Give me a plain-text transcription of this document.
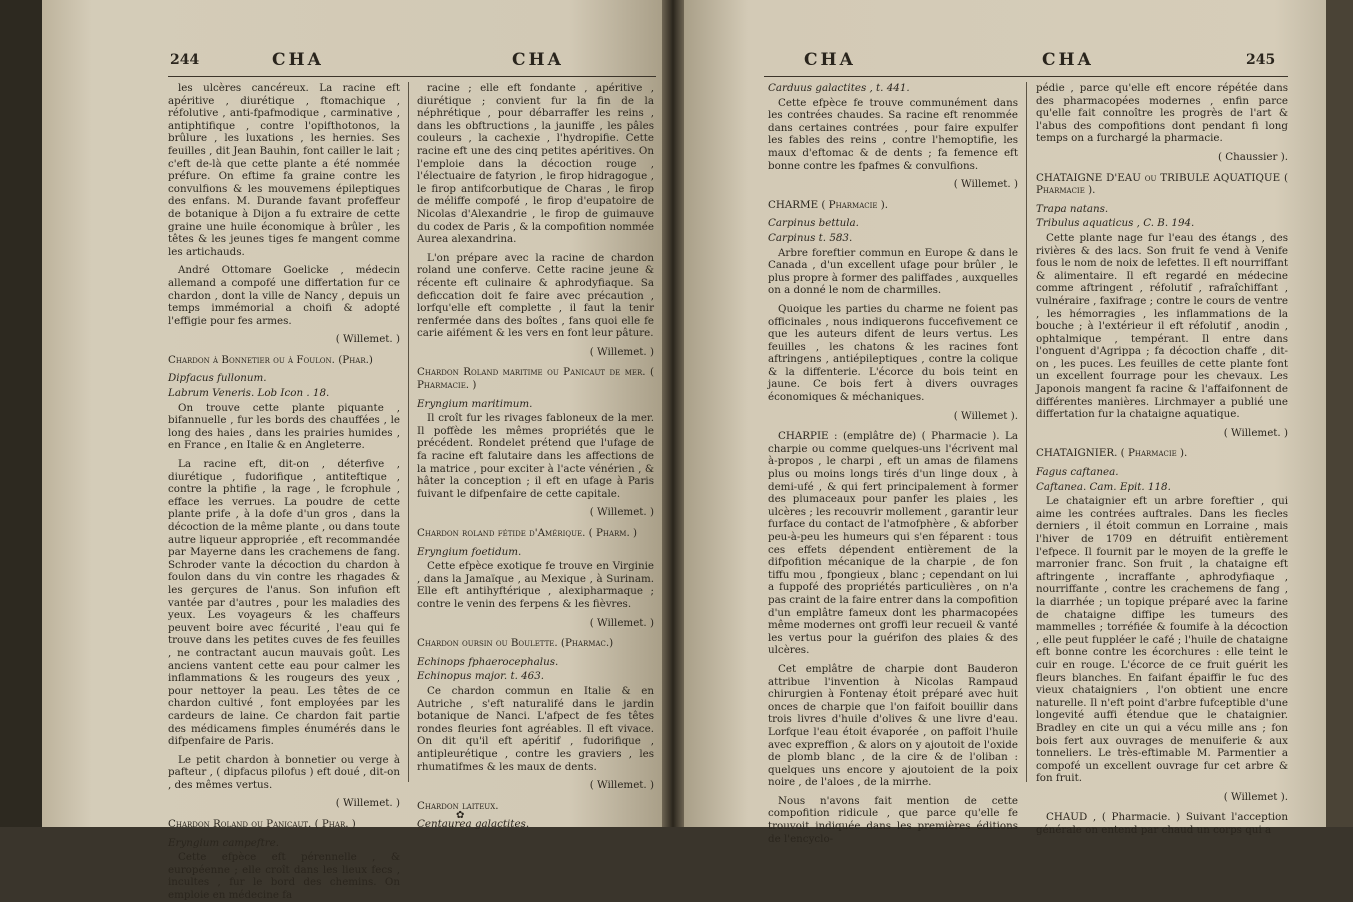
244	CHA	CHA

les ulcères cancéreux. La racine eft apéritive , diurétique , ftomachique , réfolutive , anti-fpafmodique , carminative , antiphtifique , contre l'opifthotonos, la brûlure , les luxations , les hernies. Ses feuilles , dit Jean Bauhin, font cailler le lait ; c'eft de-là que cette plante a été nommée préfure. On eftime fa graine contre les convulfions & les mouvemens épileptiques des enfans. M. Durande favant profeffeur de botanique à Dijon a fu extraire de cette graine une huile économique à brûler , les têtes & les jeunes tiges fe mangent comme les artichauds.

André Ottomare Goelicke , médecin allemand a compofé une differtation fur ce chardon , dont la ville de Nancy , depuis un temps immémorial a choifi & adopté l'effigie pour fes armes.

( Willemet. )

Chardon à Bonnetier ou à Foulon. (Phar.)

Dipfacus fullonum.

Labrum Veneris. Lob Icon . 18.

On trouve cette plante piquante , bifannuelle , fur les bords des chauffées , le long des haies , dans les prairies humides , en France , en Italie & en Angleterre.

La racine eft, dit-on , déterfive , diurétique , fudorifique , antiteftique , contre la phtifie , la rage , le fcrophule , efface les verrues. La poudre de cette plante prife , à la dofe d'un gros , dans la décoction de la même plante , ou dans toute autre liqueur appropriée , eft recommandée par Mayerne dans les crachemens de fang. Schroder vante la décoction du chardon à foulon dans du vin contre les rhagades & les gerçures de l'anus. Son infufion eft vantée par d'autres , pour les maladies des yeux. Les voyageurs & les chaffeurs peuvent boire avec fécurité , l'eau qui fe trouve dans les petites cuves de fes feuilles , ne contractant aucun mauvais goût. Les anciens vantent cette eau pour calmer les inflammations & les rougeurs des yeux , pour nettoyer la peau. Les têtes de ce chardon cultivé , font employées par les cardeurs de laine. Ce chardon fait partie des médicamens fimples énumérés dans le difpenfaire de Paris.

Le petit chardon à bonnetier ou verge à pafteur , ( dipfacus pilofus ) eft doué , dit-on , des mêmes vertus.

( Willemet. )

Chardon Roland ou Panicaut. ( Phar. )

Eryngium campeftre.

Cette efpèce eft pérennelle , & européenne ; elle croît dans les lieux fecs , incultes , fur le bord des chemins. On emploie en médecine fa

racine ; elle eft fondante , apéritive , diurétique ; convient fur la fin de la néphrétique , pour débarraffer les reins , dans les obftructions , la jauniffe , les pâles couleurs , la cachexie , l'hydropifie. Cette racine eft une des cinq petites apéritives. On l'emploie dans la décoction rouge , l'électuaire de fatyrion , le firop hidragogue , le firop antifcorbutique de Charas , le firop de méliffe compofé , le firop d'eupatoire de Nicolas d'Alexandrie , le firop de guimauve du codex de Paris , & la compofition nommée Aurea alexandrina.

L'on prépare avec la racine de chardon roland une conferve. Cette racine jeune & récente eft culinaire & aphrodyfiaque. Sa deficcation doit fe faire avec précaution , lorfqu'elle eft complette , il faut la tenir renfermée dans des boîtes , fans quoi elle fe carie aifément & les vers en font leur pâture.

( Willemet. )

Chardon Roland maritime ou Panicaut de mer. ( Pharmacie. )

Eryngium maritimum.

Il croît fur les rivages fabloneux de la mer. Il poffède les mêmes propriétés que le précédent. Rondelet prétend que l'ufage de fa racine eft falutaire dans les affections de la matrice , pour exciter à l'acte vénérien , & hâter la conception ; il eft en ufage à Paris fuivant le difpenfaire de cette capitale.

( Willemet. )

Chardon roland fétide d'Amérique. ( Pharm. )

Eryngium foetidum.

Cette efpèce exotique fe trouve en Virginie , dans la Jamaïque , au Mexique , à Surinam. Elle eft antihyftérique , alexipharmaque ; contre le venin des ferpens & les fièvres.

( Willemet. )

Chardon oursin ou Boulette. (Pharmac.)

Echinops fphaerocephalus.

Echinopus major. t. 463.

Ce chardon commun en Italie & en Autriche , s'eft naturalifé dans le jardin botanique de Nanci. L'afpect de fes têtes rondes fleuries font agréables. Il eft vivace. On dit qu'il eft apéritif , fudorifique , antipleurétique , contre les graviers , les rhumatifmes & les maux de dents.

( Willemet. )

Chardon laiteux.

Centaurea galactites.

✿
CHA	CHA	245

Carduus galactites , t. 441.

Cette efpèce fe trouve communément dans les contrées chaudes. Sa racine eft renommée dans certaines contrées , pour faire expulfer les fables des reins , contre l'hemoptifie, les maux d'eftomac & de dents ; fa femence eft bonne contre les fpafmes & convulfions.

( Willemet. )

CHARME ( Pharmacie ).

Carpinus bettula.

Carpinus t. 583.

Arbre foreftier commun en Europe & dans le Canada , d'un excellent ufage pour brûler , le plus propre à former des paliffades , auxquelles on a donné le nom de charmilles.

Quoique les parties du charme ne foient pas officinales , nous indiquerons fuccefivement ce que les auteurs difent de leurs vertus. Les feuilles , les chatons & les racines font aftringens , antiépileptiques , contre la colique & la diffenterie. L'écorce du bois teint en jaune. Ce bois fert à divers ouvrages économiques & méchaniques.

( Willemet ).

CHARPIE : (emplâtre de) ( Pharmacie ). La charpie ou comme quelques-uns l'écrivent mal à-propos , le charpi , eft un amas de filamens plus ou moins longs tirés d'un linge doux , à demi-ufé , & qui fert principalement à former des plumaceaux pour panfer les plaies , les ulcères ; les recouvrir mollement , garantir leur furface du contact de l'atmofphère , & abforber peu-à-peu les humeurs qui s'en féparent : tous ces effets dépendent entièrement de la difpofition mécanique de la charpie , de fon tiffu mou , fpongieux , blanc ; cependant on lui a fuppofé des propriétés particulières , on n'a pas craint de la faire entrer dans la compofition d'un emplâtre fameux dont les pharmacopées même modernes ont groffi leur recueil & vanté les vertus pour la guérifon des plaies & des ulcères.

Cet emplâtre de charpie dont Bauderon attribue l'invention à Nicolas Rampaud chirurgien à Fontenay étoit préparé avec huit onces de charpie que l'on faifoit bouillir dans trois livres d'huile d'olives & une livre d'eau. Lorfque l'eau étoit évaporée , on paffoit l'huile avec expreffion , & alors on y ajoutoit de l'oxide de plomb blanc , de la cire & de l'oliban : quelques uns encore y ajoutoient de la poix noire , de l'aloes , de la mirrhe.

Nous n'avons fait mention de cette compofition ridicule , que parce qu'elle fe trouvoit indiquée dans les premières éditions de l'encyclo-

pédie , parce qu'elle eft encore répétée dans des pharmacopées modernes , enfin parce qu'elle fait connoître les progrès de l'art & l'abus des compofitions dont pendant fi long temps on a furchargé la pharmacie.

( Chaussier ).

CHATAIGNE D'EAU ou TRIBULE AQUATIQUE ( Pharmacie ).

Trapa natans.

Tribulus aquaticus , C. B. 194.

Cette plante nage fur l'eau des étangs , des rivières & des lacs. Son fruit fe vend à Venife fous le nom de noix de lefettes. Il eft nourriffant & alimentaire. Il eft regardé en médecine comme aftringent , réfolutif , rafraîchiffant , vulnéraire , faxifrage ; contre le cours de ventre , les hémorragies , les inflammations de la bouche ; à l'extérieur il eft réfolutif , anodin , ophtalmique , tempérant. Il entre dans l'onguent d'Agrippa ; fa décoction chaffe , dit-on , les puces. Les feuilles de cette plante font un excellent fourrage pour les chevaux. Les Japonois mangent fa racine & l'affaifonnent de différentes manières. Lirchmayer a publié une differtation fur la chataigne aquatique.

( Willemet. )

CHATAIGNIER. ( Pharmacie ).

Fagus caftanea.

Caftanea. Cam. Epit. 118.

Le chataignier eft un arbre foreftier , qui aime les contrées auftrales. Dans les fiecles derniers , il étoit commun en Lorraine , mais l'hiver de 1709 en détruifit entièrement l'efpece. Il fournit par le moyen de la greffe le marronier franc. Son fruit , la chataigne eft aftringente , incraffante , aphrodyfiaque , nourriffante , contre les crachemens de fang , la diarrhée ; un topique préparé avec la farine de chataigne diffipe les tumeurs des mammelles ; torréfiée & foumife à la décoction , elle peut fuppléer le café ; l'huile de chataigne eft bonne contre les écorchures : elle teint le cuir en rouge. L'écorce de ce fruit guérit les fleurs blanches. En faifant épaiffir le fuc des vieux chataigniers , l'on obtient une encre naturelle. Il n'eft point d'arbre fufceptible d'une longevité auffi étendue que le chataignier. Bradley en cite un qui a vécu mille ans ; fon bois fert aux ouvrages de menuiferie & aux tonneliers. Le très-eftimable M. Parmentier a compofé un excellent ouvrage fur cet arbre & fon fruit.

( Willemet ).

CHAUD , ( Pharmacie. ) Suivant l'acception générale on entend par chaud un corps qui a
